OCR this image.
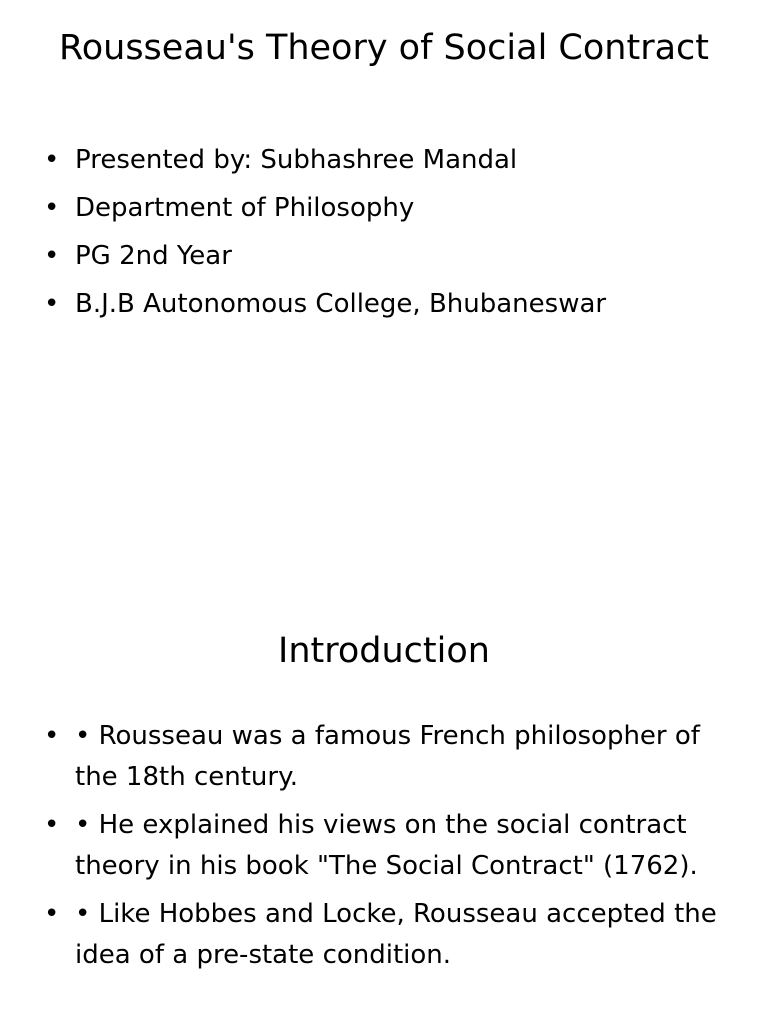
Rousseau's Theory of Social Contract
• Presented by: Subhashree Mandal
• Department of Philosophy
• PG 2nd Year
• B.J.B Autonomous College, Bhubaneswar
Introduction
• • Rousseau was a famous French philosopher of the 18th century.
• • He explained his views on the social contract theory in his book "The Social Contract" (1762).
• • Like Hobbes and Locke, Rousseau accepted the idea of a pre-state condition.
